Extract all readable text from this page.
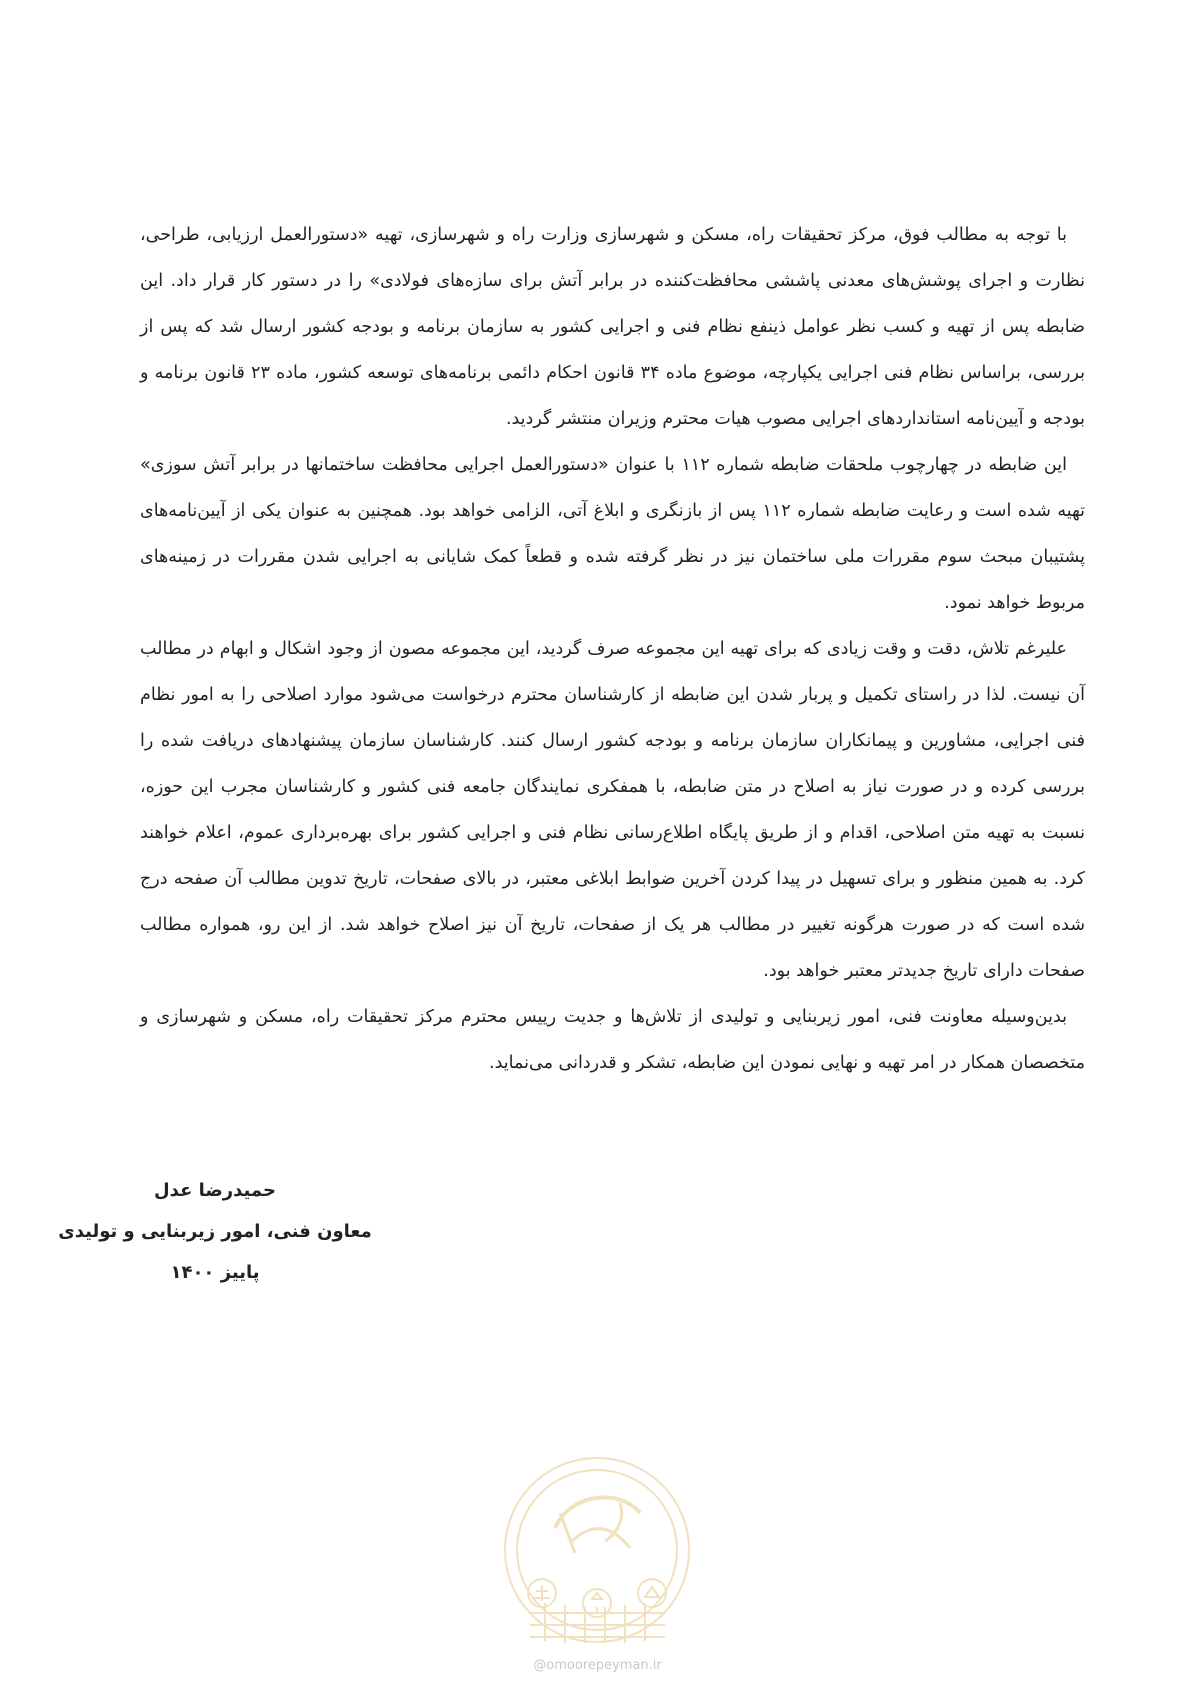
با توجه به مطالب فوق، مرکز تحقیقات راه، مسکن و شهرسازی وزارت راه و شهرسازی، تهیه «دستورالعمل ارزیابی، طراحی، نظارت و اجرای پوشش‌های معدنی پاششی محافظت‌کننده در برابر آتش برای سازه‌های فولادی» را در دستور کار قرار داد. این ضابطه پس از تهیه و کسب نظر عوامل ذینفع نظام فنی و اجرایی کشور به سازمان برنامه و بودجه کشور ارسال شد که پس از بررسی، براساس نظام فنی اجرایی یکپارچه، موضوع ماده ۳۴ قانون احکام دائمی برنامه‌های توسعه کشور، ماده ۲۳ قانون برنامه و بودجه و آیین‌نامه استانداردهای اجرایی مصوب هیات محترم وزیران منتشر گردید.

این ضابطه در چهارچوب ملحقات ضابطه شماره ۱۱۲ با عنوان «دستورالعمل اجرایی محافظت ساختمانها در برابر آتش سوزی» تهیه شده است و رعایت ضابطه شماره ۱۱۲ پس از بازنگری و ابلاغ آتی، الزامی خواهد بود. همچنین به عنوان یکی از آیین‌نامه‌های پشتیبان مبحث سوم مقررات ملی ساختمان نیز در نظر گرفته شده و قطعاً کمک شایانی به اجرایی شدن مقررات در زمینه‌های مربوط خواهد نمود.

علیرغم تلاش، دقت و وقت زیادی که برای تهیه این مجموعه صرف گردید، این مجموعه مصون از وجود اشکال و ابهام در مطالب آن نیست. لذا در راستای تکمیل و پربار شدن این ضابطه از کارشناسان محترم درخواست می‌شود موارد اصلاحی را به امور نظام فنی اجرایی، مشاورین و پیمانکاران سازمان برنامه و بودجه کشور ارسال کنند. کارشناسان سازمان پیشنهادهای دریافت شده را بررسی کرده و در صورت نیاز به اصلاح در متن ضابطه، با همفکری نمایندگان جامعه فنی کشور و کارشناسان مجرب این حوزه، نسبت به تهیه متن اصلاحی، اقدام و از طریق پایگاه اطلاع‌رسانی نظام فنی و اجرایی کشور برای بهره‌برداری عموم، اعلام خواهند کرد. به همین منظور و برای تسهیل در پیدا کردن آخرین ضوابط ابلاغی معتبر، در بالای صفحات، تاریخ تدوین مطالب آن صفحه درج شده است که در صورت هرگونه تغییر در مطالب هر یک از صفحات، تاریخ آن نیز اصلاح خواهد شد. از این رو، همواره مطالب صفحات دارای تاریخ جدیدتر معتبر خواهد بود.

بدین‌وسیله معاونت فنی، امور زیربنایی و تولیدی از تلاش‌ها و جدیت رییس محترم مرکز تحقیقات راه، مسکن و شهرسازی و متخصصان همکار در امر تهیه و نهایی نمودن این ضابطه، تشکر و قدردانی می‌نماید.

حمیدرضا عدل
معاون فنی، امور زیربنایی و تولیدی
پاییز ۱۴۰۰
@omoorepeyman.ir
